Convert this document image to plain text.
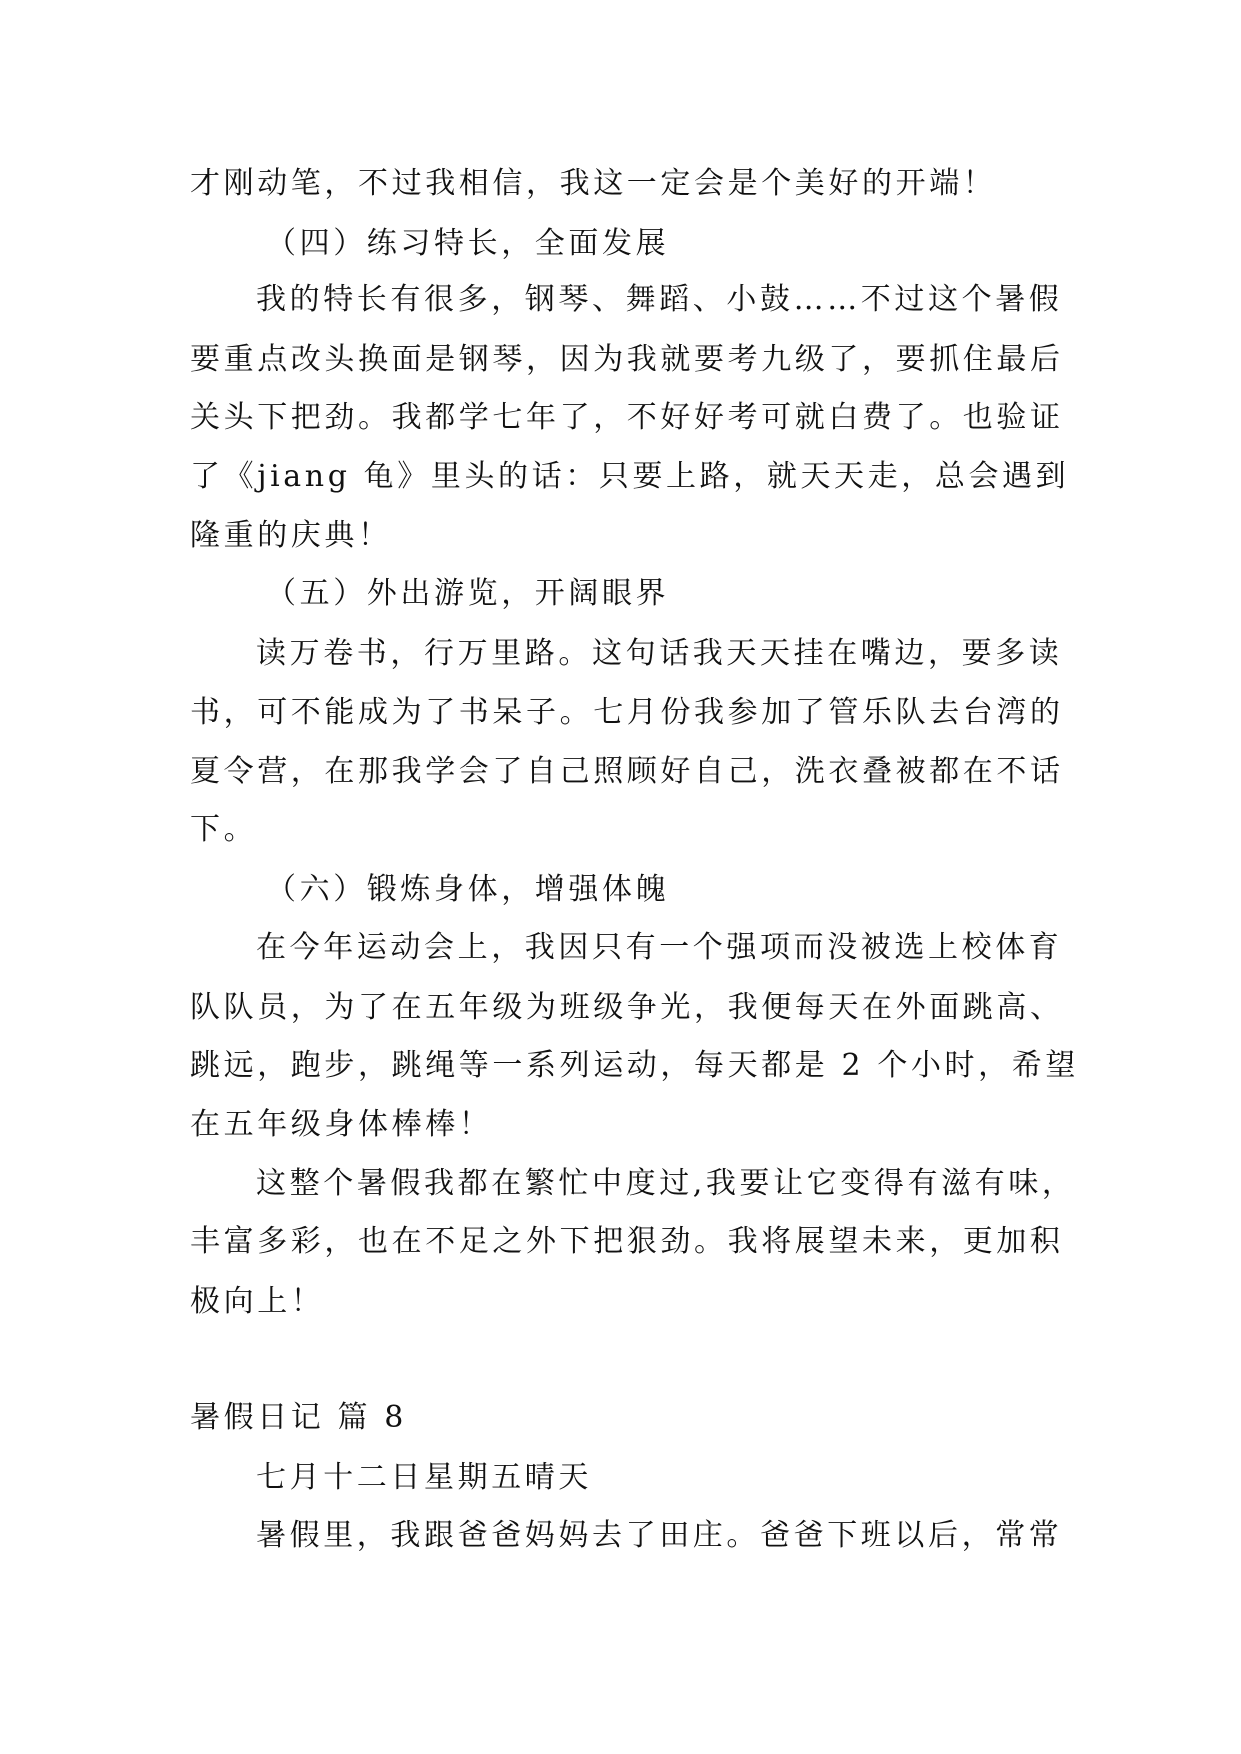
才刚动笔，不过我相信，我这一定会是个美好的开端！
（四）练习特长，全面发展
我的特长有很多，钢琴、舞蹈、小鼓……不过这个暑假
要重点改头换面是钢琴，因为我就要考九级了，要抓住最后
关头下把劲。我都学七年了，不好好考可就白费了。也验证
了《jiang 龟》里头的话：只要上路，就天天走，总会遇到
隆重的庆典！
（五）外出游览，开阔眼界
读万卷书，行万里路。这句话我天天挂在嘴边，要多读
书，可不能成为了书呆子。七月份我参加了管乐队去台湾的
夏令营，在那我学会了自己照顾好自己，洗衣叠被都在不话
下。
（六）锻炼身体，增强体魄
在今年运动会上，我因只有一个强项而没被选上校体育
队队员，为了在五年级为班级争光，我便每天在外面跳高、
跳远，跑步，跳绳等一系列运动，每天都是 2 个小时，希望
在五年级身体棒棒！
这整个暑假我都在繁忙中度过,我要让它变得有滋有味，
丰富多彩，也在不足之外下把狠劲。我将展望未来，更加积
极向上！
暑假日记 篇 8
七月十二日星期五晴天
暑假里，我跟爸爸妈妈去了田庄。爸爸下班以后，常常
